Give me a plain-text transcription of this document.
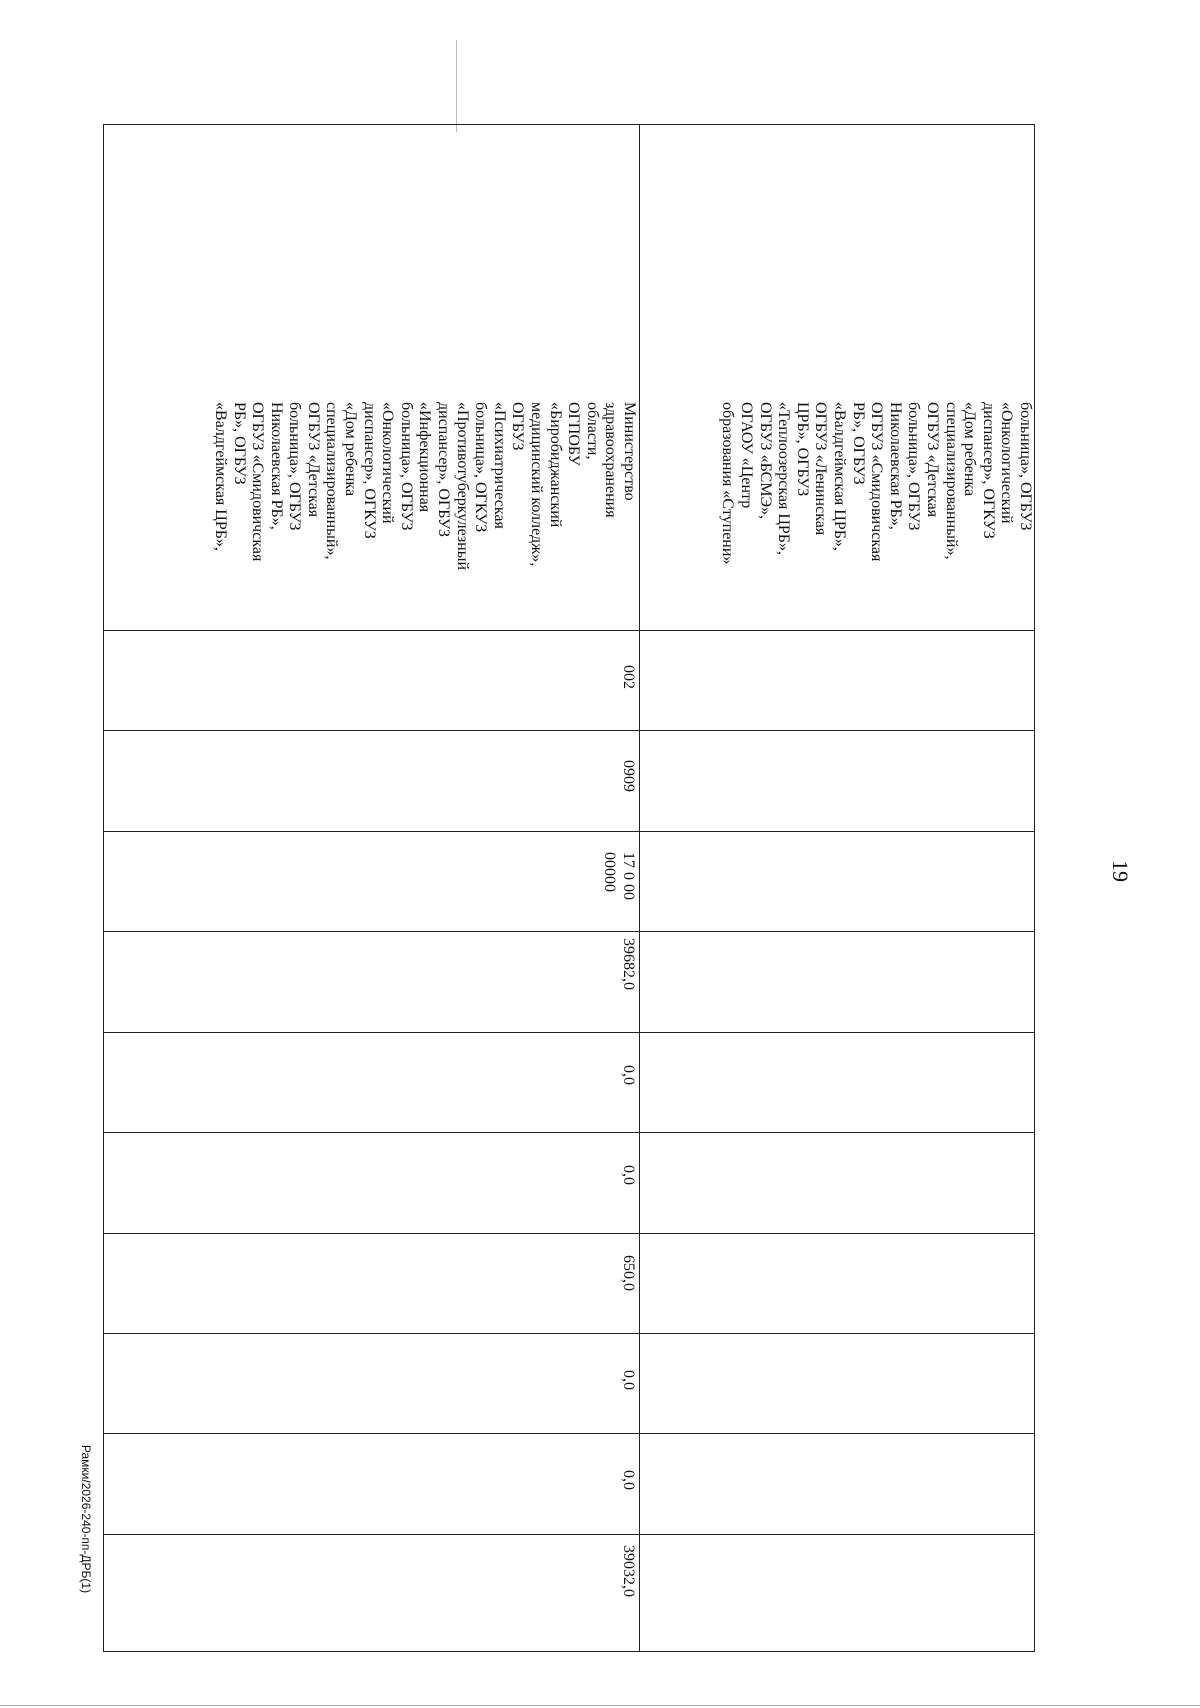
19
Рамки/2026-240-пп-ДРБ(1)
больница», ОГБУЗ
«Онкологический
диспансер», ОГКУЗ
«Дом ребенка
специализированный»,
ОГБУЗ «Детская
больница», ОГБУЗ
Николаевская РБ»,
ОГБУЗ «Смидовичская
РБ», ОГБУЗ
«Валдгеймская ЦРБ»,
ОГБУЗ «Ленинская
ЦРБ», ОГБУЗ
«Теплоозерская ЦРБ»,
ОГБУЗ «БСМЭ»,
ОГАОУ «Центр
образования «Ступени»
Министерство
здравоохранения
области,
ОГПОБУ
«Биробиджанский
медицинский колледж»,
ОГБУЗ
«Психиатрическая
больница», ОГКУЗ
«Противотуберкулезный
диспансер», ОГБУЗ
«Инфекционная
больница», ОГБУЗ
«Онкологический
диспансер», ОГКУЗ
«Дом ребенка
специализированный»,
ОГБУЗ «Детская
больница», ОГБУЗ
Николаевская РБ»,
ОГБУЗ «Смидовичская
РБ», ОГБУЗ
«Валдгеймская ЦРБ»,
002
0909
17 0 00
00000
39682,0
0,0
0,0
650,0
0,0
0,0
39032,0
